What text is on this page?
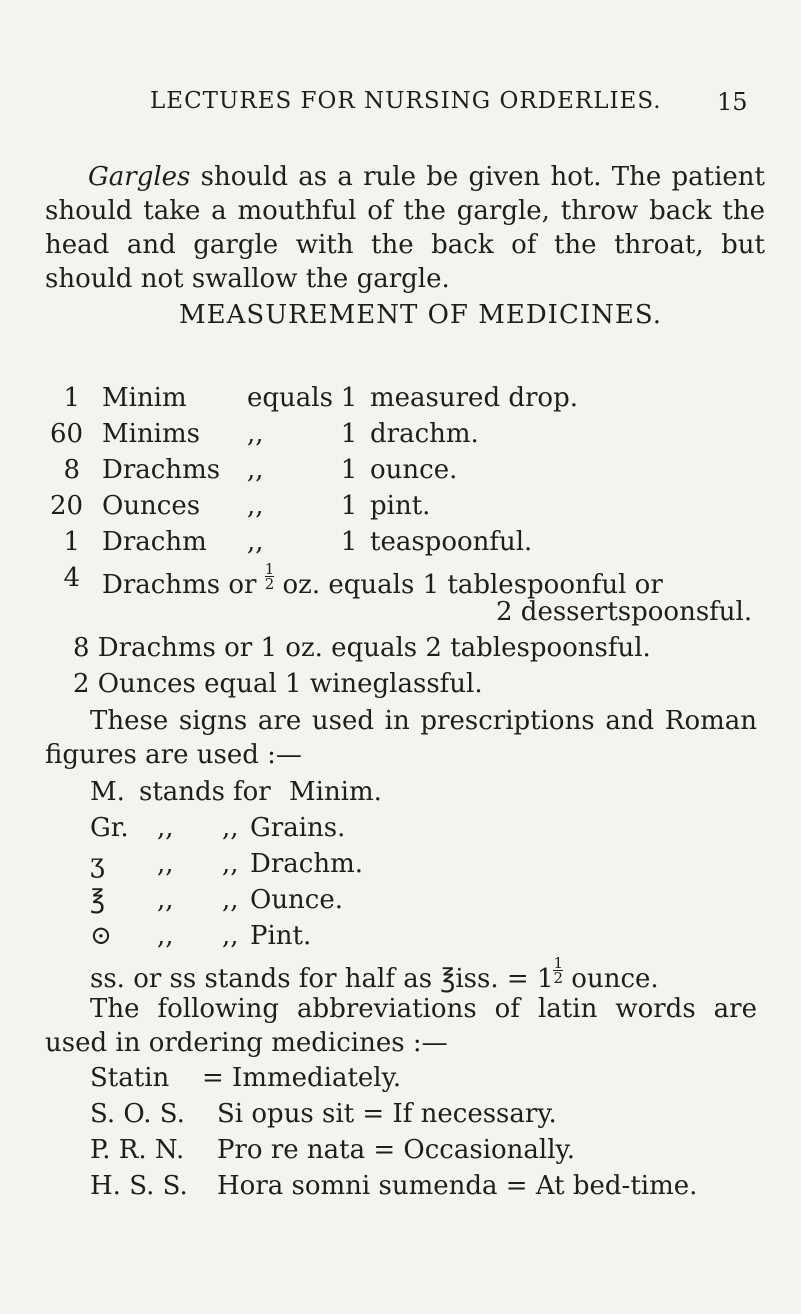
LECTURES FOR NURSING ORDERLIES. 15

Gargles should as a rule be given hot. The patient should take a mouthful of the gargle, throw back the head and gargle with the back of the throat, but should not swallow the gargle.

MEASUREMENT OF MEDICINES.
1 Minim equals 1 measured drop.
60 Minims ,,	1 drachm.
8 Drachms ,,	1 ounce.
20 Ounces ,,	1 pint.
1 Drachm ,,	1 teaspoonful.
4 Drachms or $\frac{1}{2}$ oz. equals 1 tablespoonful or
2 dessertspoonsful.
8 Drachms or 1 oz. equals 2 tablespoonsful.
2 Ounces equal 1 wineglassful.

These signs are used in prescriptions and Roman figures are used :—

M. stands for Minim.
Gr. ,, ,, Grains.
ʒ ,, ,, Drachm.
℥ ,, ,, Ounce.
⊙ ,, ,, Pint.
ss. or ss stands for half as ℥iss. = $1 \frac{1}{2}$ ounce.

The following abbreviations of latin words are used in ordering medicines :—

Statin = Immediately.
S. O. S. Si opus sit = If necessary.
P. R. N. Pro re nata = Occasionally.
H. S. S. Hora somni sumenda = At bed-time.
